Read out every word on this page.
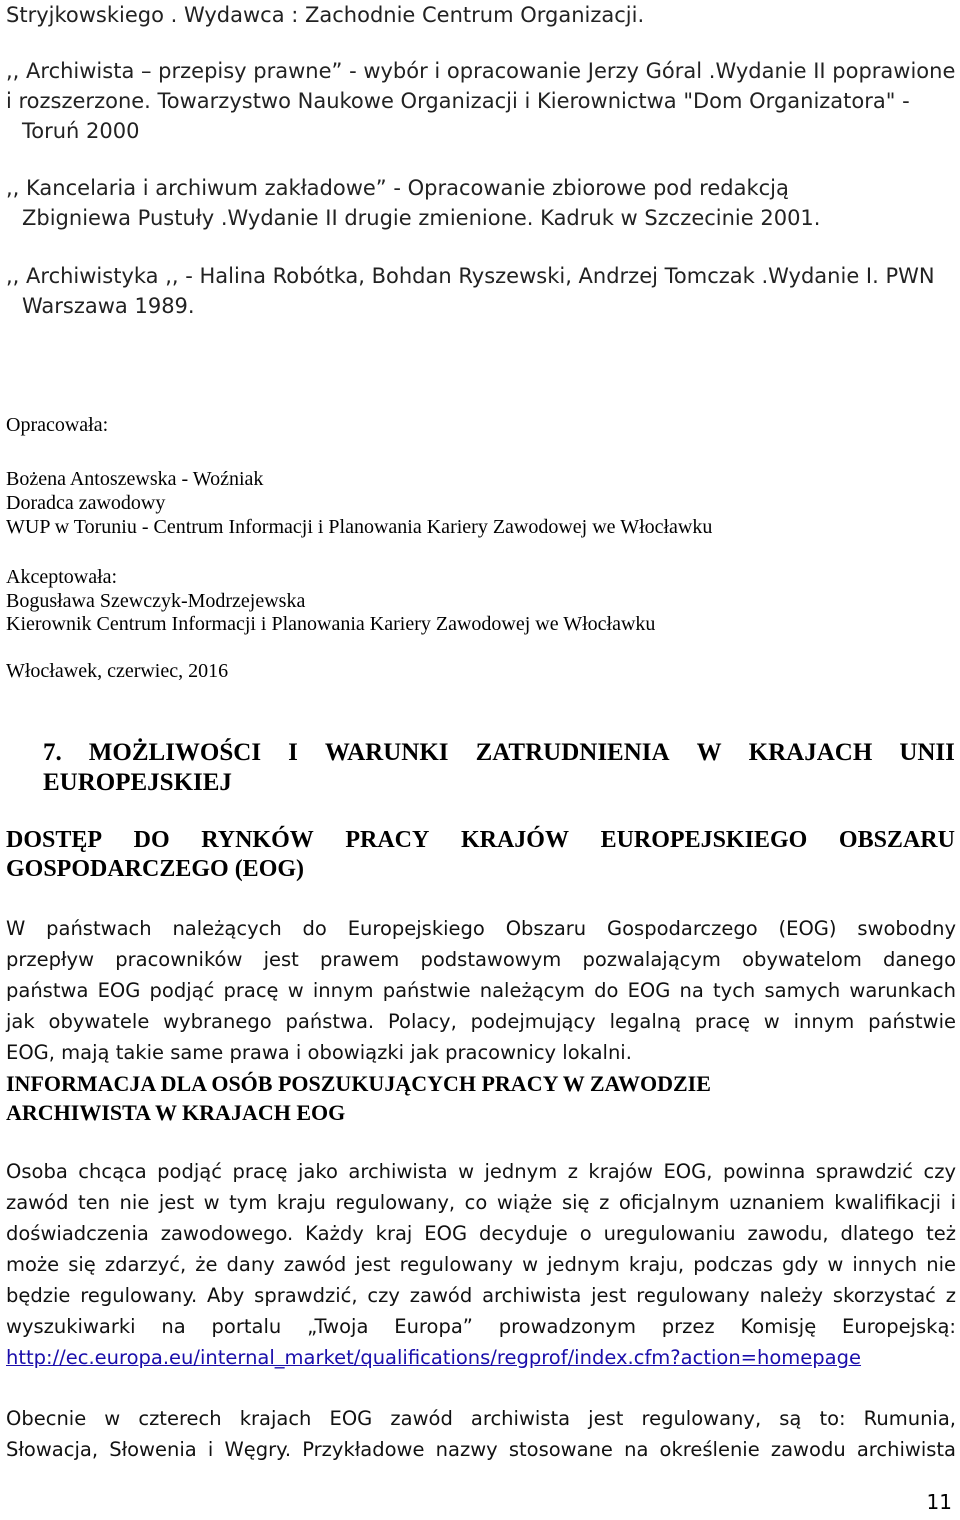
Stryjkowskiego . Wydawca : Zachodnie Centrum Organizacji.
,, Archiwista – przepisy prawne” - wybór i opracowanie Jerzy Góral .Wydanie II poprawione
i rozszerzone. Towarzystwo Naukowe Organizacji i Kierownictwa "Dom Organizatora" -
Toruń 2000
,, Kancelaria i archiwum zakładowe” - Opracowanie zbiorowe pod redakcją
Zbigniewa Pustuły .Wydanie II drugie zmienione. Kadruk w Szczecinie 2001.
,, Archiwistyka ,, - Halina Robótka, Bohdan Ryszewski, Andrzej Tomczak .Wydanie I. PWN
Warszawa 1989.
Opracowała:
Bożena Antoszewska - Woźniak
Doradca zawodowy
WUP w Toruniu - Centrum Informacji i Planowania Kariery Zawodowej we Włocławku
Akceptowała:
Bogusława Szewczyk-Modrzejewska
Kierownik Centrum Informacji i Planowania Kariery Zawodowej we Włocławku
Włocławek, czerwiec, 2016
7. MOŻLIWOŚCI I WARUNKI ZATRUDNIENIA W KRAJACH UNII
EUROPEJSKIEJ
DOSTĘP DO RYNKÓW PRACY KRAJÓW EUROPEJSKIEGO OBSZARU
GOSPODARCZEGO (EOG)
W państwach należących do Europejskiego Obszaru Gospodarczego (EOG) swobodny
przepływ pracowników jest prawem podstawowym pozwalającym obywatelom danego
państwa EOG podjąć pracę w innym państwie należącym do EOG na tych samych warunkach
jak obywatele wybranego państwa. Polacy, podejmujący legalną pracę w innym państwie
EOG, mają takie same prawa i obowiązki jak pracownicy lokalni.
INFORMACJA DLA OSÓB POSZUKUJĄCYCH PRACY W ZAWODZIE
ARCHIWISTA W KRAJACH EOG
Osoba chcąca podjąć pracę jako archiwista w jednym z krajów EOG, powinna sprawdzić czy
zawód ten nie jest w tym kraju regulowany, co wiąże się z oficjalnym uznaniem kwalifikacji i
doświadczenia zawodowego. Każdy kraj EOG decyduje o uregulowaniu zawodu, dlatego też
może się zdarzyć, że dany zawód jest regulowany w jednym kraju, podczas gdy w innych nie
będzie regulowany. Aby sprawdzić, czy zawód archiwista jest regulowany należy skorzystać z
wyszukiwarki na portalu „Twoja Europa” prowadzonym przez Komisję Europejską:
http://ec.europa.eu/internal_market/qualifications/regprof/index.cfm?action=homepage
Obecnie w czterech krajach EOG zawód archiwista jest regulowany, są to: Rumunia,
Słowacja, Słowenia i Węgry. Przykładowe nazwy stosowane na określenie zawodu archiwista
11
